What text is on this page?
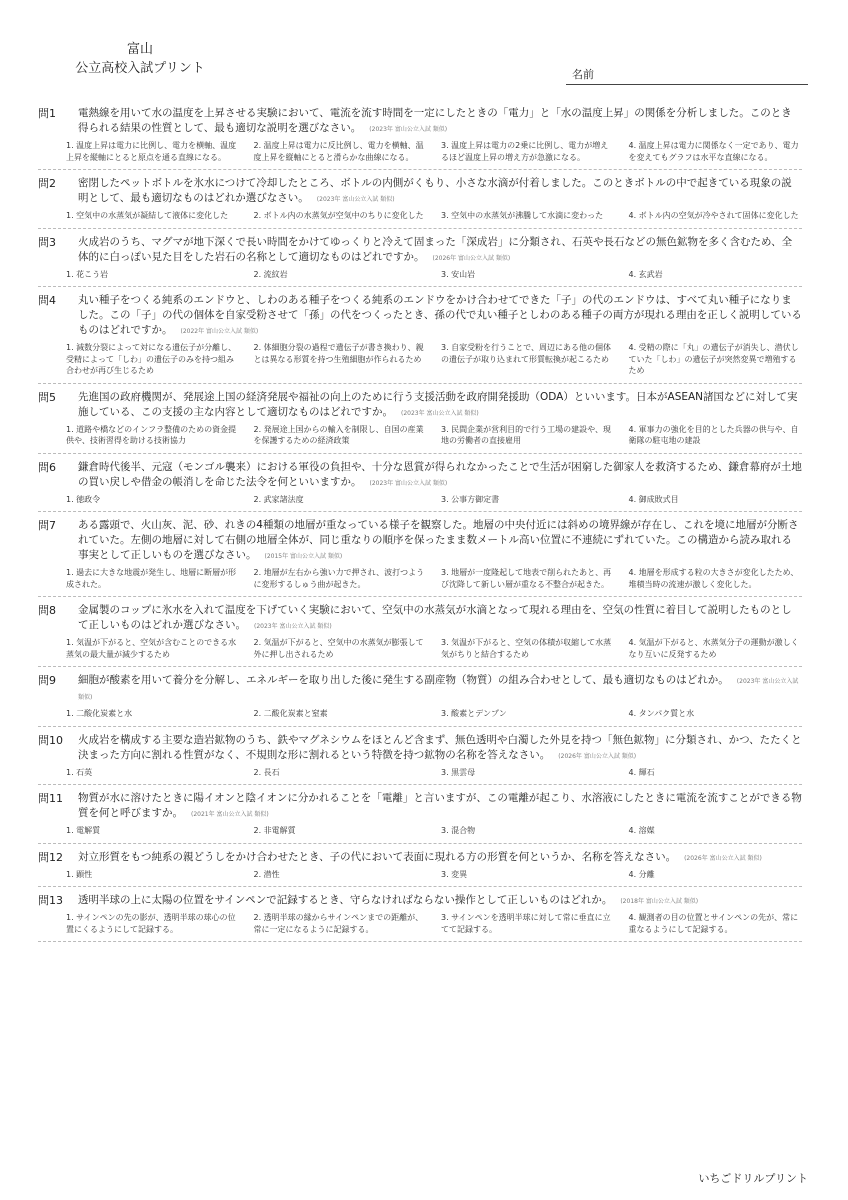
富山
公立高校入試プリント	名前
問1	電熱線を用いて水の温度を上昇させる実験において、電流を流す時間を一定にしたときの「電力」と「水の温度上昇」の関係を分析しました。このとき得られる結果の性質として、最も適切な説明を選びなさい。 (2023年 富山公立入試 類似)
1. 温度上昇は電力に比例し、電力を横軸、温度上昇を縦軸にとると原点を通る直線になる。
2. 温度上昇は電力に反比例し、電力を横軸、温度上昇を縦軸にとると滑らかな曲線になる。
3. 温度上昇は電力の2乗に比例し、電力が増えるほど温度上昇の増え方が急激になる。
4. 温度上昇は電力に関係なく一定であり、電力を変えてもグラフは水平な直線になる。
問2	密閉したペットボトルを氷水につけて冷却したところ、ボトルの内側がくもり、小さな水滴が付着しました。このときボトルの中で起きている現象の説明として、最も適切なものはどれか選びなさい。 (2023年 富山公立入試 類似)
1. 空気中の水蒸気が凝結して液体に変化した	2. ボトル内の水蒸気が空気中のちりに変化した	3. 空気中の水蒸気が沸騰して水滴に変わった	4. ボトル内の空気が冷やされて固体に変化した
問3	火成岩のうち、マグマが地下深くで長い時間をかけてゆっくりと冷えて固まった「深成岩」に分類され、石英や長石などの無色鉱物を多く含むため、全体的に白っぽい見た目をした岩石の名称として適切なものはどれですか。 (2026年 富山公立入試 類似)
1. 花こう岩	2. 流紋岩	3. 安山岩	4. 玄武岩
問4	丸い種子をつくる純系のエンドウと、しわのある種子をつくる純系のエンドウをかけ合わせてできた「子」の代のエンドウは、すべて丸い種子になりました。この「子」の代の個体を自家受粉させて「孫」の代をつくったとき、孫の代で丸い種子としわのある種子の両方が現れる理由を正しく説明しているものはどれですか。 (2022年 富山公立入試 類似)
1. 減数分裂によって対になる遺伝子が分離し、受精によって「しわ」の遺伝子のみを持つ組み合わせが再び生じるため
2. 体細胞分裂の過程で遺伝子が書き換わり、親とは異なる形質を持つ生殖細胞が作られるため
3. 自家受粉を行うことで、周辺にある他の個体の遺伝子が取り込まれて形質転換が起こるため
4. 受精の際に「丸」の遺伝子が消失し、潜伏していた「しわ」の遺伝子が突然変異で増殖するため
問5	先進国の政府機関が、発展途上国の経済発展や福祉の向上のために行う支援活動を政府開発援助（ODA）といいます。日本がASEAN諸国などに対して実施している、この支援の主な内容として適切なものはどれですか。 (2023年 富山公立入試 類似)
1. 道路や橋などのインフラ整備のための資金提供や、技術習得を助ける技術協力
2. 発展途上国からの輸入を制限し、自国の産業を保護するための経済政策
3. 民間企業が営利目的で行う工場の建設や、現地の労働者の直接雇用
4. 軍事力の強化を目的とした兵器の供与や、自衛隊の駐屯地の建設
問6	鎌倉時代後半、元寇（モンゴル襲来）における軍役の負担や、十分な恩賞が得られなかったことで生活が困窮した御家人を救済するため、鎌倉幕府が土地の買い戻しや借金の帳消しを命じた法令を何といいますか。 (2023年 富山公立入試 類似)
1. 徳政令	2. 武家諸法度	3. 公事方御定書	4. 御成敗式目
問7	ある露頭で、火山灰、泥、砂、れきの4種類の地層が重なっている様子を観察した。地層の中央付近には斜めの境界線が存在し、これを境に地層が分断されていた。左側の地層に対して右側の地層全体が、同じ重なりの順序を保ったまま数メートル高い位置に不連続にずれていた。この構造から読み取れる事実として正しいものを選びなさい。 (2015年 富山公立入試 類似)
1. 過去に大きな地震が発生し、地層に断層が形成された。
2. 地層が左右から強い力で押され、波打つように変形するしゅう曲が起きた。
3. 地層が一度隆起して地表で削られたあと、再び沈降して新しい層が重なる不整合が起きた。
4. 地層を形成する粒の大きさが変化したため、堆積当時の流速が激しく変化した。
問8	金属製のコップに氷水を入れて温度を下げていく実験において、空気中の水蒸気が水滴となって現れる理由を、空気の性質に着目して説明したものとして正しいものはどれか選びなさい。 (2023年 富山公立入試 類似)
1. 気温が下がると、空気が含むことのできる水蒸気の最大量が減少するため
2. 気温が下がると、空気中の水蒸気が膨張して外に押し出されるため
3. 気温が下がると、空気の体積が収縮して水蒸気がちりと結合するため
4. 気温が下がると、水蒸気分子の運動が激しくなり互いに反発するため
問9	細胞が酸素を用いて養分を分解し、エネルギーを取り出した後に発生する副産物（物質）の組み合わせとして、最も適切なものはどれか。 (2023年 富山公立入試 類似)
1. 二酸化炭素と水	2. 二酸化炭素と窒素	3. 酸素とデンプン	4. タンパク質と水
問10	火成岩を構成する主要な造岩鉱物のうち、鉄やマグネシウムをほとんど含まず、無色透明や白濁した外見を持つ「無色鉱物」に分類され、かつ、たたくと決まった方向に割れる性質がなく、不規則な形に割れるという特徴を持つ鉱物の名称を答えなさい。 (2026年 富山公立入試 類似)
1. 石英	2. 長石	3. 黒雲母	4. 輝石
問11	物質が水に溶けたときに陽イオンと陰イオンに分かれることを「電離」と言いますが、この電離が起こり、水溶液にしたときに電流を流すことができる物質を何と呼びますか。 (2021年 富山公立入試 類似)
1. 電解質	2. 非電解質	3. 混合物	4. 溶媒
問12	対立形質をもつ純系の親どうしをかけ合わせたとき、子の代において表面に現れる方の形質を何というか、名称を答えなさい。 (2026年 富山公立入試 類似)
1. 顕性	2. 潜性	3. 変異	4. 分離
問13	透明半球の上に太陽の位置をサインペンで記録するとき、守らなければならない操作として正しいものはどれか。 (2018年 富山公立入試 類似)
1. サインペンの先の影が、透明半球の球心の位置にくるようにして記録する。
2. 透明半球の縁からサインペンまでの距離が、常に一定になるように記録する。
3. サインペンを透明半球に対して常に垂直に立てて記録する。
4. 観測者の目の位置とサインペンの先が、常に重なるようにして記録する。
いちごドリルプリント
